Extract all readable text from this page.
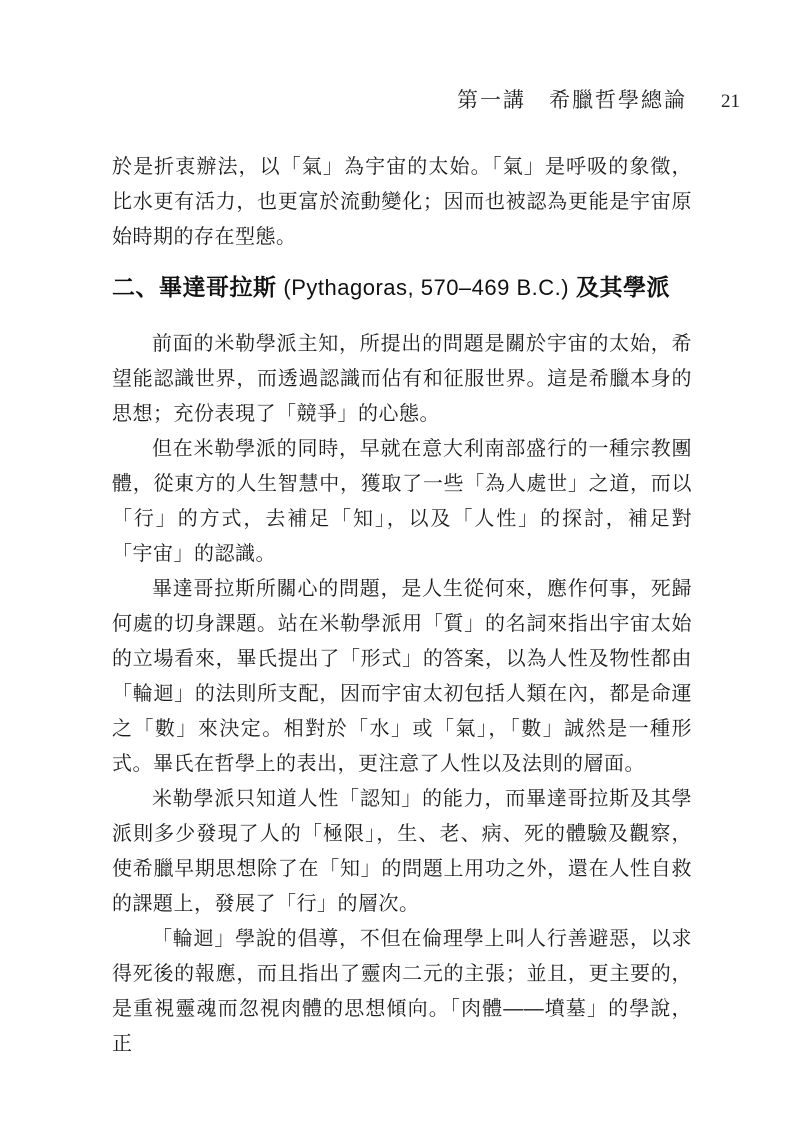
第一講　希臘哲學總論 21

於是折衷辦法，以「氣」為宇宙的太始。「氣」是呼吸的象徵，比水更有活力，也更富於流動變化；因而也被認為更能是宇宙原始時期的存在型態。

二、畢達哥拉斯 (Pythagoras, 570–469 B.C.) 及其學派

前面的米勒學派主知，所提出的問題是關於宇宙的太始，希望能認識世界，而透過認識而佔有和征服世界。這是希臘本身的思想；充份表現了「競爭」的心態。

但在米勒學派的同時，早就在意大利南部盛行的一種宗教團體，從東方的人生智慧中，獲取了一些「為人處世」之道，而以「行」的方式，去補足「知」，以及「人性」的探討，補足對「宇宙」的認識。

畢達哥拉斯所關心的問題，是人生從何來，應作何事，死歸何處的切身課題。站在米勒學派用「質」的名詞來指出宇宙太始的立場看來，畢氏提出了「形式」的答案，以為人性及物性都由「輪迴」的法則所支配，因而宇宙太初包括人類在內，都是命運之「數」來決定。相對於「水」或「氣」，「數」誠然是一種形式。畢氏在哲學上的表出，更注意了人性以及法則的層面。

米勒學派只知道人性「認知」的能力，而畢達哥拉斯及其學派則多少發現了人的「極限」，生、老、病、死的體驗及觀察，使希臘早期思想除了在「知」的問題上用功之外，還在人性自救的課題上，發展了「行」的層次。

「輪迴」學說的倡導，不但在倫理學上叫人行善避惡，以求得死後的報應，而且指出了靈肉二元的主張；並且，更主要的，是重視靈魂而忽視肉體的思想傾向。「肉體——墳墓」的學說，正
